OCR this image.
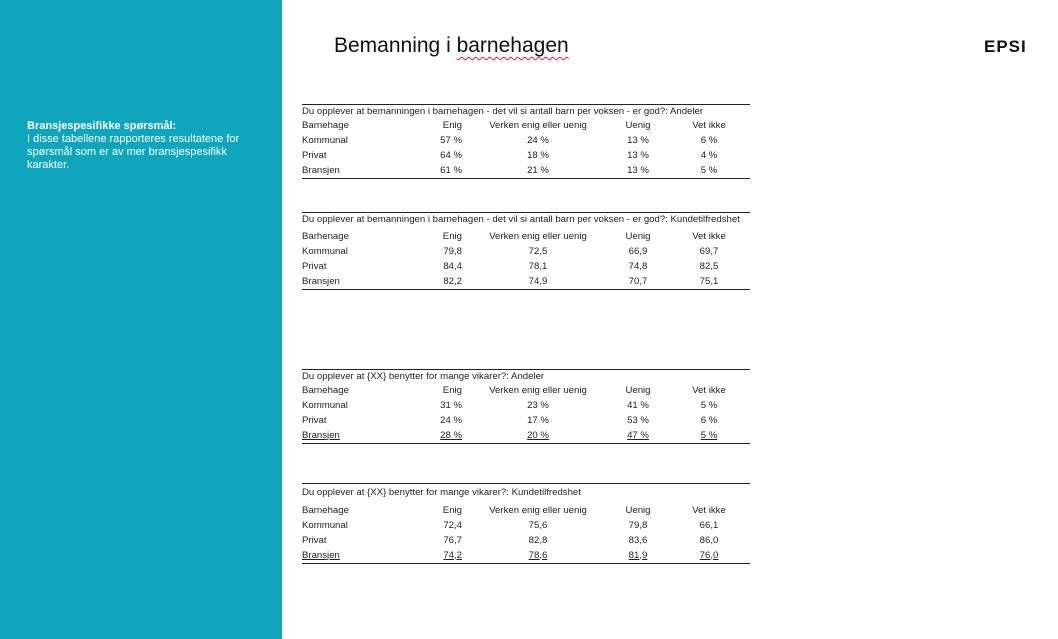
Bransjespesifikke spørsmål:
I disse tabellene rapporteres resultatene for spørsmål som er av mer bransjespesifikk karakter.
Bemanning i barnehagen	EPSI
Du opplever at bemanningen i barnehagen - det vil si antall barn per voksen - er god?: Andeler
Barnehage	Enig	Verken enig eller uenig	Uenig	Vet ikke
Kommunal	57 %	24 %	13 %	6 %
Privat	64 %	18 %	13 %	4 %
Bransjen	61 %	21 %	13 %	5 %
Du opplever at bemanningen i barnehagen - det vil si antall barn per voksen - er god?: Kundetilfredshet
Barhenage	Enig	Verken enig eller uenig	Uenig	Vet ikke
Kommunal	79,8	72,5	66,9	69,7
Privat	84,4	78,1	74,8	82,5
Bransjen	82,2	74,9	70,7	75,1
Du opplever at {XX} benytter for mange vikarer?: Andeler
Barnehage	Enig	Verken enig eller uenig	Uenig	Vet ikke
Kommunal	31 %	23 %	41 %	5 %
Privat	24 %	17 %	53 %	6 %
Bransjen	28 %	20 %	47 %	5 %
Du opplever at {XX} benytter for mange vikarer?: Kundetilfredshet
Barnehage	Enig	Verken enig eller uenig	Uenig	Vet ikke
Kommunal	72,4	75,6	79,8	66,1
Privat	76,7	82,8	83,6	86,0
Bransjen	74,2	78,6	81,9	76,0
